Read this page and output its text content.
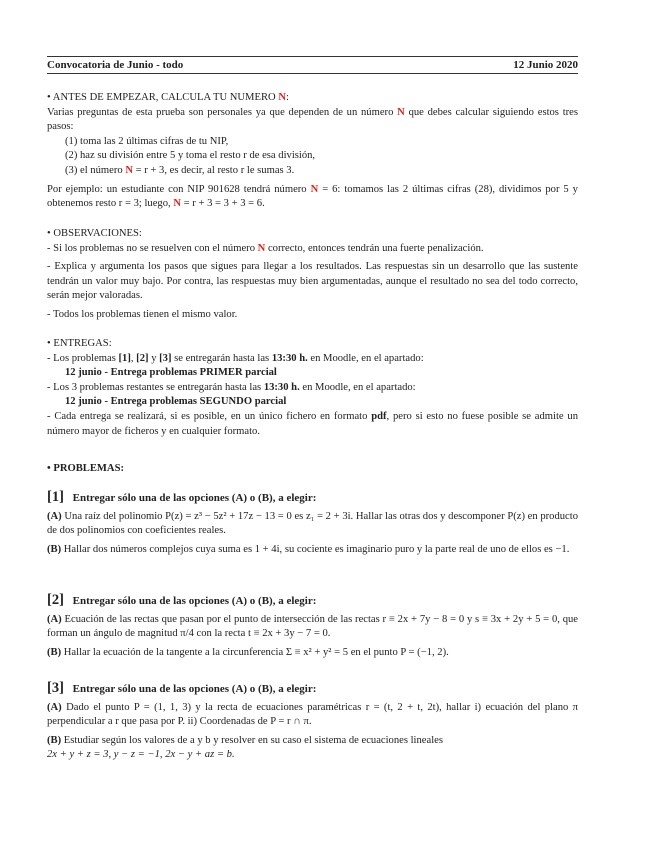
Convocatoria de Junio - todo	12 Junio 2020

• ANTES DE EMPEZAR, CALCULA TU NUMERO N:

Varias preguntas de esta prueba son personales ya que dependen de un número N que debes calcular siguiendo estos tres pasos:

(1) toma las 2 últimas cifras de tu NIP,

(2) haz su división entre 5 y toma el resto r de esa división,

(3) el número N = r + 3, es decir, al resto r le sumas 3.

Por ejemplo: un estudiante con NIP 901628 tendrá número N = 6: tomamos las 2 últimas cifras (28), dividimos por 5 y obtenemos resto r = 3; luego, N = r + 3 = 3 + 3 = 6.

• OBSERVACIONES:

- Si los problemas no se resuelven con el número N correcto, entonces tendrán una fuerte penalización.

- Explica y argumenta los pasos que sigues para llegar a los resultados. Las respuestas sin un desarrollo que las sustente tendrán un valor muy bajo. Por contra, las respuestas muy bien argumentadas, aunque el resultado no sea del todo correcto, serán mejor valoradas.

- Todos los problemas tienen el mismo valor.

• ENTREGAS:

- Los problemas [1], [2] y [3] se entregarán hasta las 13:30 h. en Moodle, en el apartado:

12 junio - Entrega problemas PRIMER parcial

- Los 3 problemas restantes se entregarán hasta las 13:30 h. en Moodle, en el apartado:

12 junio - Entrega problemas SEGUNDO parcial

- Cada entrega se realizará, si es posible, en un único fichero en formato pdf, pero si esto no fuese posible se admite un número mayor de ficheros y en cualquier formato.

• PROBLEMAS:

[1] Entregar sólo una de las opciones (A) o (B), a elegir:

(A) Una raíz del polinomio P(z) = z³ − 5z² + 17z − 13 = 0 es z₁ = 2 + 3i. Hallar las otras dos y descomponer P(z) en producto de dos polinomios con coeficientes reales.

(B) Hallar dos números complejos cuya suma es 1 + 4i, su cociente es imaginario puro y la parte real de uno de ellos es −1.

[2] Entregar sólo una de las opciones (A) o (B), a elegir:

(A) Ecuación de las rectas que pasan por el punto de intersección de las rectas r ≡ 2x + 7y − 8 = 0 y s ≡ 3x + 2y + 5 = 0, que forman un ángulo de magnitud π/4 con la recta t ≡ 2x + 3y − 7 = 0.

(B) Hallar la ecuación de la tangente a la circunferencia Σ ≡ x² + y² = 5 en el punto P = (−1, 2).

[3] Entregar sólo una de las opciones (A) o (B), a elegir:

(A) Dado el punto P = (1, 1, 3) y la recta de ecuaciones paramétricas r = (t, 2 + t, 2t), hallar i) ecuación del plano π perpendicular a r que pasa por P. ii) Coordenadas de P = r ∩ π.

(B) Estudiar según los valores de a y b y resolver en su caso el sistema de ecuaciones lineales

2x + y + z = 3, y − z = −1, 2x − y + az = b.
